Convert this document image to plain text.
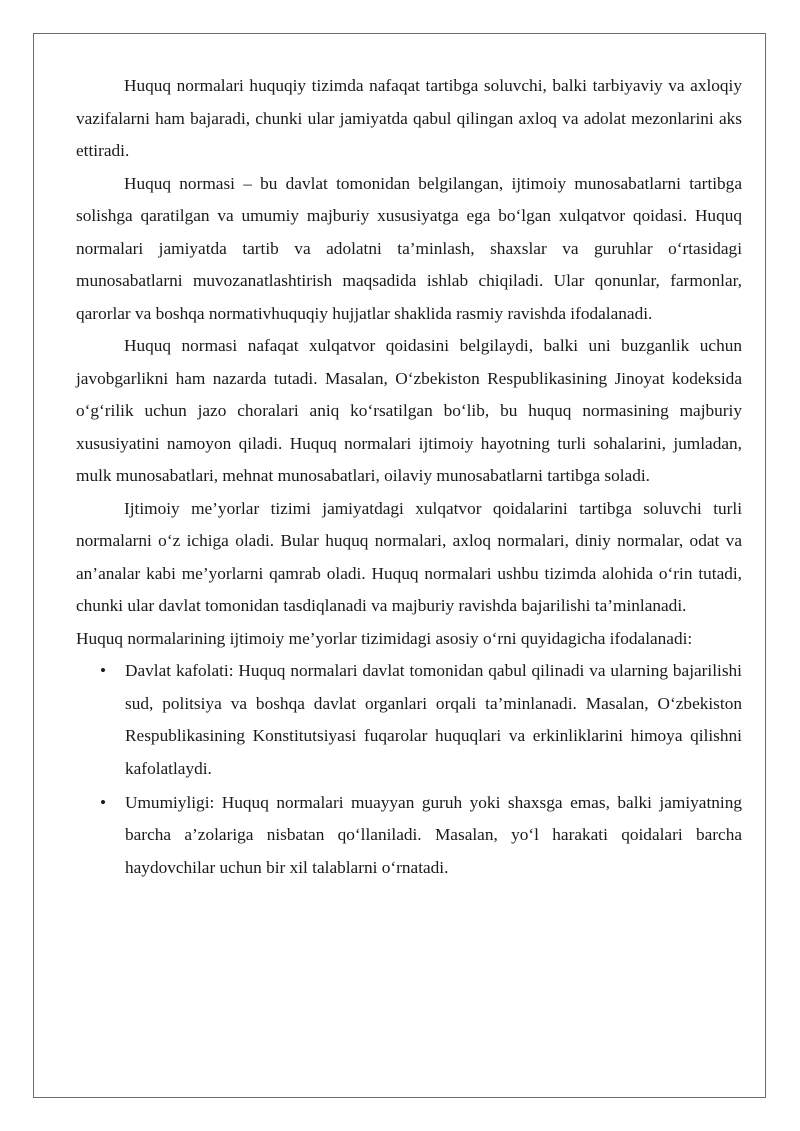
Huquq normalari huquqiy tizimda nafaqat tartibga soluvchi, balki tarbiyaviy va axloqiy vazifalarni ham bajaradi, chunki ular jamiyatda qabul qilingan axloq va adolat mezonlarini aks ettiradi.

Huquq normasi – bu davlat tomonidan belgilangan, ijtimoiy munosabatlarni tartibga solishga qaratilgan va umumiy majburiy xususiyatga ega bo‘lgan xulqatvor qoidasi. Huquq normalari jamiyatda tartib va adolatni ta’minlash, shaxslar va guruhlar o‘rtasidagi munosabatlarni muvozanatlashtirish maqsadida ishlab chiqiladi. Ular qonunlar, farmonlar, qarorlar va boshqa normativhuquqiy hujjatlar shaklida rasmiy ravishda ifodalanadi.

Huquq normasi nafaqat xulqatvor qoidasini belgilaydi, balki uni buzganlik uchun javobgarlikni ham nazarda tutadi. Masalan, O‘zbekiston Respublikasining Jinoyat kodeksida o‘g‘rilik uchun jazo choralari aniq ko‘rsatilgan bo‘lib, bu huquq normasining majburiy xususiyatini namoyon qiladi. Huquq normalari ijtimoiy hayotning turli sohalarini, jumladan, mulk munosabatlari, mehnat munosabatlari, oilaviy munosabatlarni tartibga soladi.

Ijtimoiy me’yorlar tizimi jamiyatdagi xulqatvor qoidalarini tartibga soluvchi turli normalarni o‘z ichiga oladi. Bular huquq normalari, axloq normalari, diniy normalar, odat va an’analar kabi me’yorlarni qamrab oladi. Huquq normalari ushbu tizimda alohida o‘rin tutadi, chunki ular davlat tomonidan tasdiqlanadi va majburiy ravishda bajarilishi ta’minlanadi.

Huquq normalarining ijtimoiy me’yorlar tizimidagi asosiy o‘rni quyidagicha ifodalanadi:

• Davlat kafolati: Huquq normalari davlat tomonidan qabul qilinadi va ularning bajarilishi sud, politsiya va boshqa davlat organlari orqali ta’minlanadi. Masalan, O‘zbekiston Respublikasining Konstitutsiyasi fuqarolar huquqlari va erkinliklarini himoya qilishni kafolatlaydi.
• Umumiyligi: Huquq normalari muayyan guruh yoki shaxsga emas, balki jamiyatning barcha a’zolariga nisbatan qo‘llaniladi. Masalan, yo‘l harakati qoidalari barcha haydovchilar uchun bir xil talablarni o‘rnatadi.
